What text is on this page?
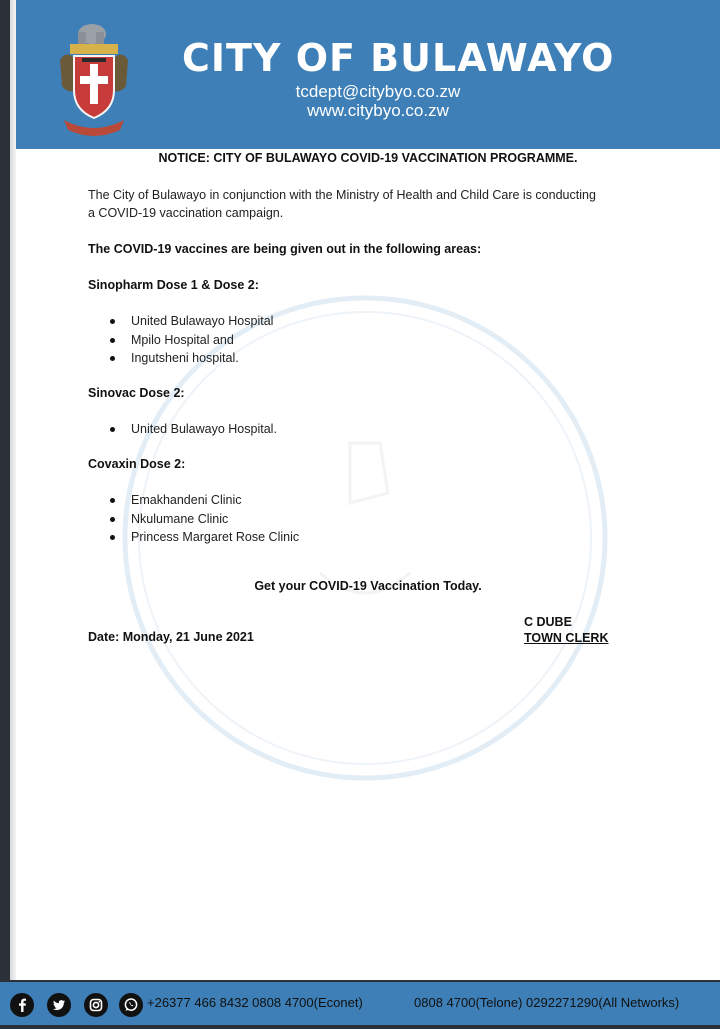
CITY OF BULAWAYO
tcdept@citybyo.co.zw
www.citybyo.co.zw
NOTICE: CITY OF BULAWAYO COVID-19 VACCINATION PROGRAMME.

The City of Bulawayo in conjunction with the Ministry of Health and Child Care is conducting
a COVID-19 vaccination campaign.

The COVID-19 vaccines are being given out in the following areas:

Sinopharm Dose 1 & Dose 2:

United Bulawayo Hospital
Mpilo Hospital and
Ingutsheni hospital.

Sinovac Dose 2:

United Bulawayo Hospital.

Covaxin Dose 2:

Emakhandeni Clinic
Nkulumane Clinic
Princess Margaret Rose Clinic
Get your COVID-19 Vaccination Today.
Date: Monday, 21 June 2021
C DUBE
TOWN CLERK
+26377 466 8432 0808 4700(Econet)	0808 4700(Telone) 0292271290(All Networks)
